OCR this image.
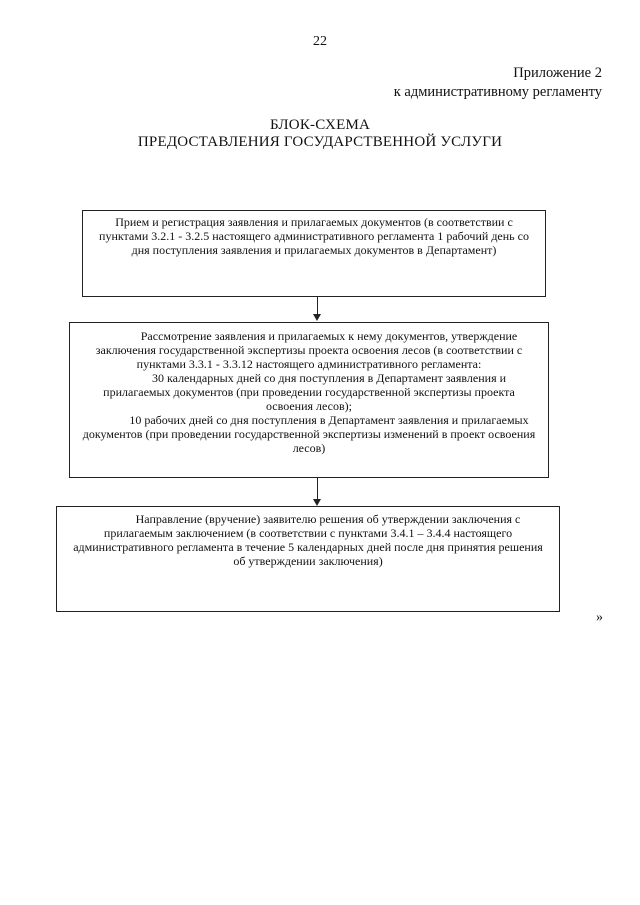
22
Приложение 2
к административному регламенту
БЛОК-СХЕМА
ПРЕДОСТАВЛЕНИЯ ГОСУДАРСТВЕННОЙ УСЛУГИ

Прием и регистрация заявления и прилагаемых документов (в соответствии с пунктами 3.2.1 - 3.2.5 настоящего административного регламента 1 рабочий день со дня поступления заявления и прилагаемых документов в Департамент)

Рассмотрение заявления и прилагаемых к нему документов, утверждение заключения государственной экспертизы проекта освоения лесов (в соответствии с пунктами 3.3.1 - 3.3.12 настоящего административного регламента:

30 календарных дней со дня поступления в Департамент заявления и прилагаемых документов (при проведении государственной экспертизы проекта освоения лесов);

10 рабочих дней со дня поступления в Департамент заявления и прилагаемых документов (при проведении государственной экспертизы изменений в проект освоения лесов)

Направление (вручение) заявителю решения об утверждении заключения с прилагаемым заключением (в соответствии с пунктами 3.4.1 – 3.4.4 настоящего административного регламента в течение 5 календарных дней после дня принятия решения об утверждении заключения)

»
